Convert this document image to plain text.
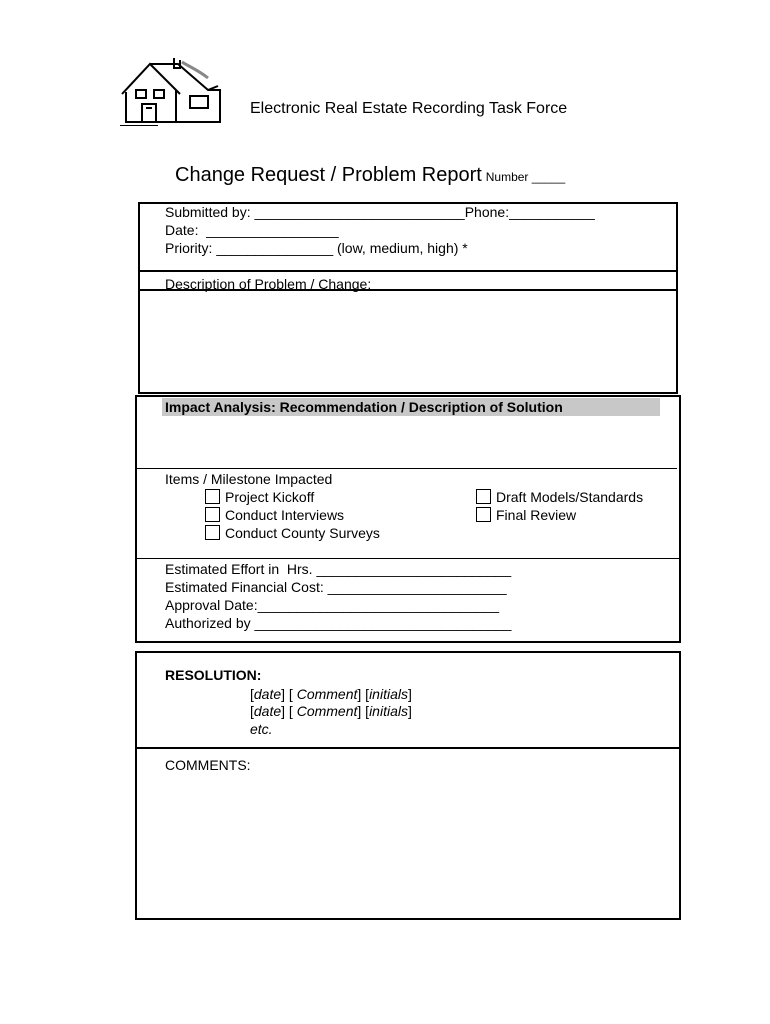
Electronic Real Estate Recording Task Force
Change Request / Problem Report Number _____
Submitted by: ___________________________Phone:___________
Date:  _________________
Priority: _______________ (low, medium, high) *
Description of Problem / Change:
Impact Analysis: Recommendation / Description of Solution
Items / Milestone Impacted
Project Kickoff
Conduct Interviews
Conduct County Surveys
Draft Models/Standards
Final Review
Estimated Effort in  Hrs. _________________________
Estimated Financial Cost: _______________________
Approval Date:_______________________________
Authorized by _________________________________
RESOLUTION:
[date] [ Comment] [initials]
[date] [ Comment] [initials]
etc.
COMMENTS:
